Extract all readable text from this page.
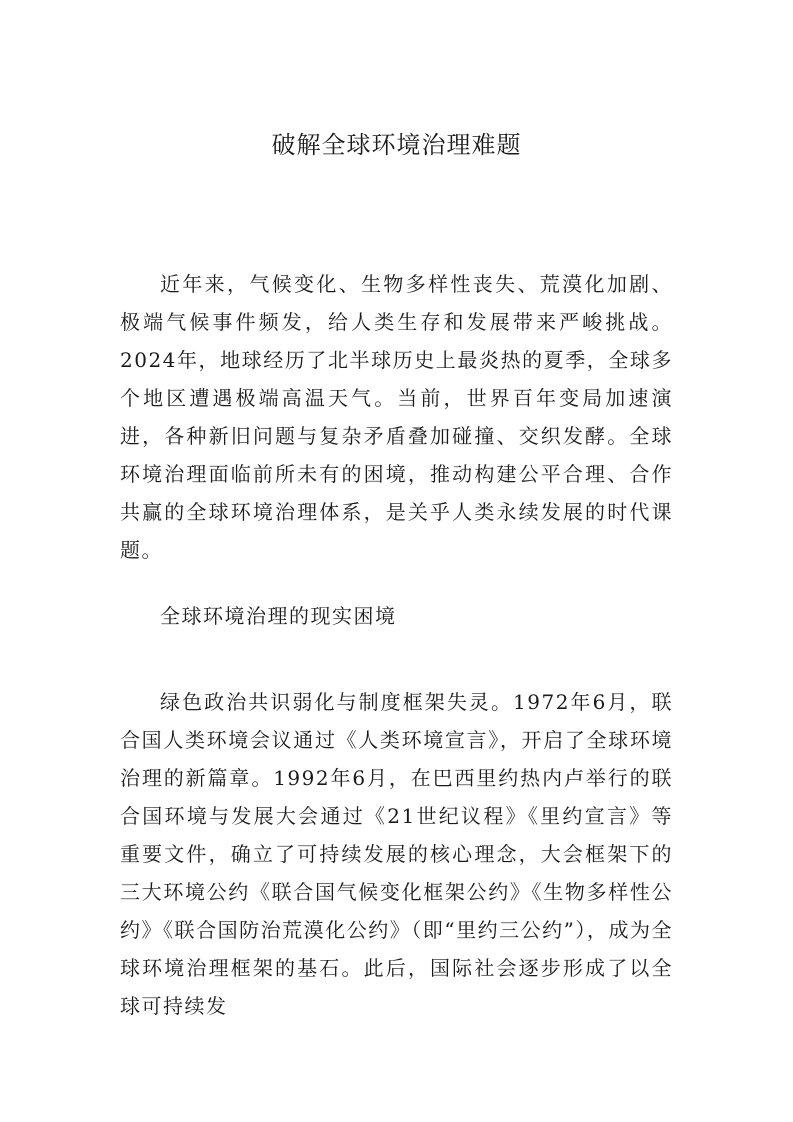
破解全球环境治理难题

近年来，气候变化、生物多样性丧失、荒漠化加剧、极端气候事件频发，给人类生存和发展带来严峻挑战。2024年，地球经历了北半球历史上最炎热的夏季，全球多个地区遭遇极端高温天气。当前，世界百年变局加速演进，各种新旧问题与复杂矛盾叠加碰撞、交织发酵。全球环境治理面临前所未有的困境，推动构建公平合理、合作共赢的全球环境治理体系，是关乎人类永续发展的时代课题。

全球环境治理的现实困境

绿色政治共识弱化与制度框架失灵。1972年6月，联合国人类环境会议通过《人类环境宣言》，开启了全球环境治理的新篇章。1992年6月，在巴西里约热内卢举行的联合国环境与发展大会通过《21世纪议程》《里约宣言》等重要文件，确立了可持续发展的核心理念，大会框架下的三大环境公约《联合国气候变化框架公约》《生物多样性公约》《联合国防治荒漠化公约》（即“里约三公约”），成为全球环境治理框架的基石。此后，国际社会逐步形成了以全球可持续发
